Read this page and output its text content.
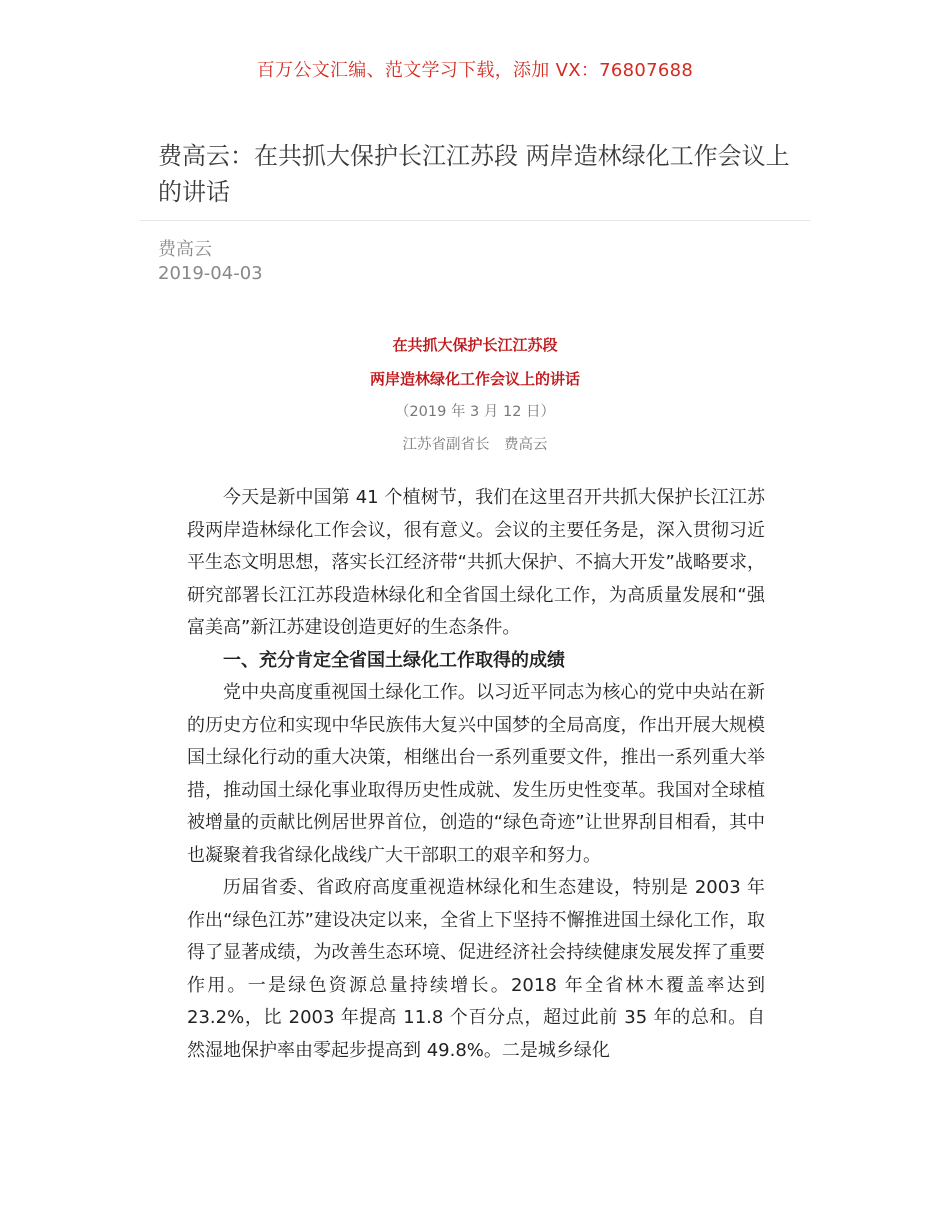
百万公文汇编、范文学习下载，添加 VX：76807688
费高云：在共抓大保护长江江苏段 两岸造林绿化工作会议上的讲话
费高云
2019-04-03
在共抓大保护长江江苏段
两岸造林绿化工作会议上的讲话
（2019 年 3 月 12 日）
江苏省副省长　费高云

今天是新中国第 41 个植树节，我们在这里召开共抓大保护长江江苏段两岸造林绿化工作会议，很有意义。会议的主要任务是，深入贯彻习近平生态文明思想，落实长江经济带“共抓大保护、不搞大开发”战略要求，研究部署长江江苏段造林绿化和全省国土绿化工作，为高质量发展和“强富美高”新江苏建设创造更好的生态条件。

一、充分肯定全省国土绿化工作取得的成绩

党中央高度重视国土绿化工作。以习近平同志为核心的党中央站在新的历史方位和实现中华民族伟大复兴中国梦的全局高度，作出开展大规模国土绿化行动的重大决策，相继出台一系列重要文件，推出一系列重大举措，推动国土绿化事业取得历史性成就、发生历史性变革。我国对全球植被增量的贡献比例居世界首位，创造的“绿色奇迹”让世界刮目相看，其中也凝聚着我省绿化战线广大干部职工的艰辛和努力。

历届省委、省政府高度重视造林绿化和生态建设，特别是 2003 年作出“绿色江苏”建设决定以来，全省上下坚持不懈推进国土绿化工作，取得了显著成绩，为改善生态环境、促进经济社会持续健康发展发挥了重要作用。一是绿色资源总量持续增长。2018 年全省林木覆盖率达到 23.2%，比 2003 年提高 11.8 个百分点，超过此前 35 年的总和。自然湿地保护率由零起步提高到 49.8%。二是城乡绿化
